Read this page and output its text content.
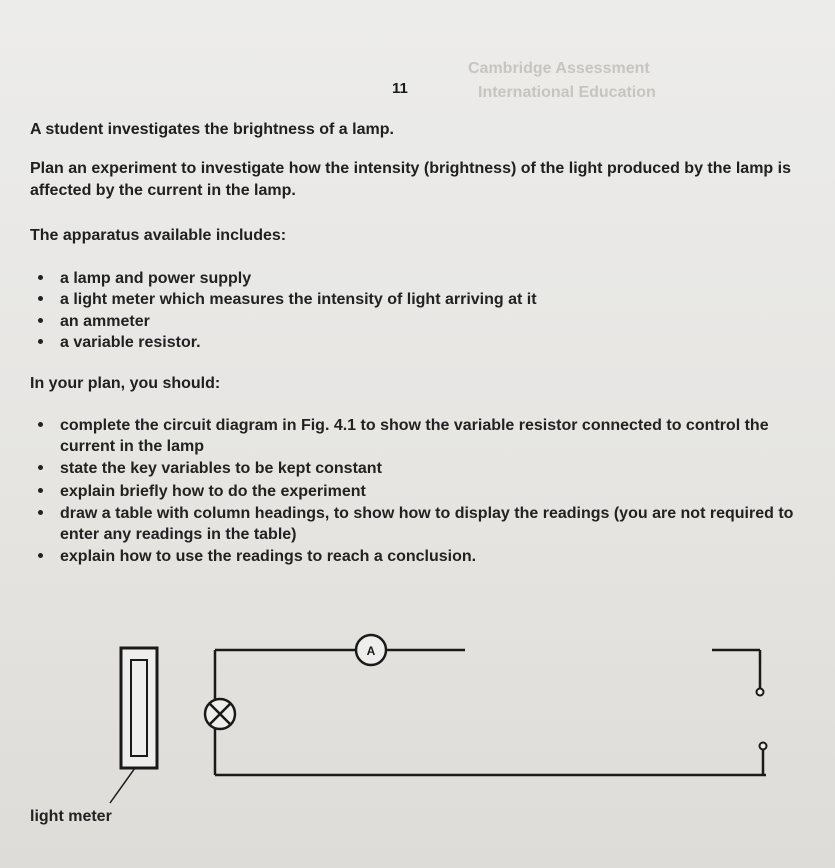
Cambridge Assessment
International Education
11
A student investigates the brightness of a lamp.
Plan an experiment to investigate how the intensity (brightness) of the light produced by the lamp is affected by the current in the lamp.
The apparatus available includes:
a lamp and power supply
a light meter which measures the intensity of light arriving at it
an ammeter
a variable resistor.
In your plan, you should:
complete the circuit diagram in Fig. 4.1 to show the variable resistor connected to control the current in the lamp
state the key variables to be kept constant
explain briefly how to do the experiment
draw a table with column headings, to show how to display the readings (you are not required to enter any readings in the table)
explain how to use the readings to reach a conclusion.
A
light meter
